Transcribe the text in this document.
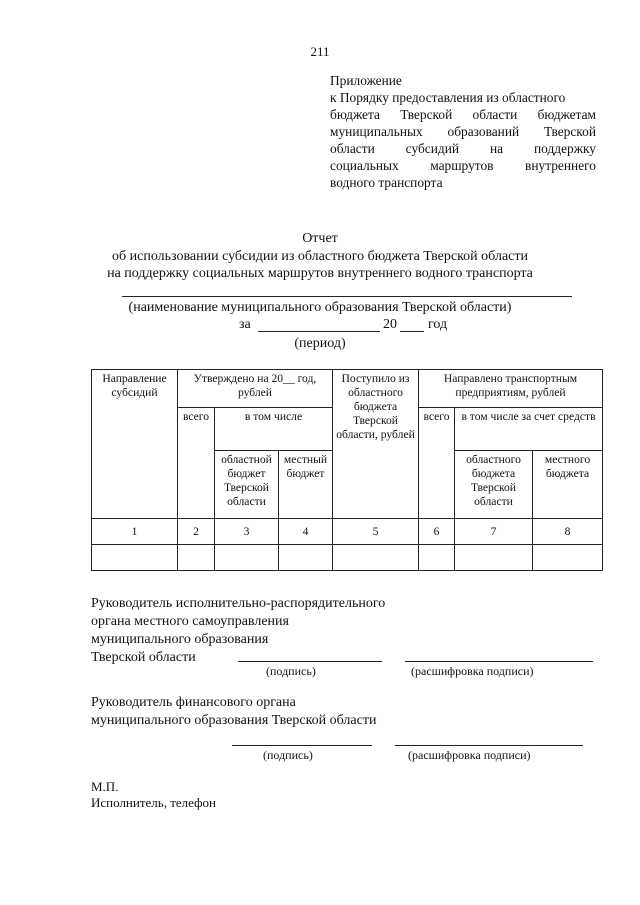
211
Приложение
к Порядку предоставления из областного
бюджета Тверской области бюджетам
муниципальных образований Тверской
области субсидий на поддержку
социальных маршрутов внутреннего
водного транспорта
Отчет
об использовании субсидии из областного бюджета Тверской области
на поддержку социальных маршрутов внутреннего водного транспорта
(наименование муниципального образования Тверской области)
за	20 год
(период)
Направление субсидий	Утверждено на 20__ год, рублей			Поступило из областного бюджета Тверской области, рублей	Направлено транспортным предприятиям, рублей		
	всего	в том числе			всего	в том числе за счет средств	
		областной бюджет Тверской области	местный бюджет			областного бюджета Тверской области	местного бюджета
1	2	3	4	5	6	7	8

Руководитель исполнительно-распорядительного
органа местного самоуправления
муниципального образования
Тверской области
(подпись)	(расшифровка подписи)
Руководитель финансового органа
муниципального образования Тверской области
(подпись)	(расшифровка подписи)
М.П.
Исполнитель, телефон
